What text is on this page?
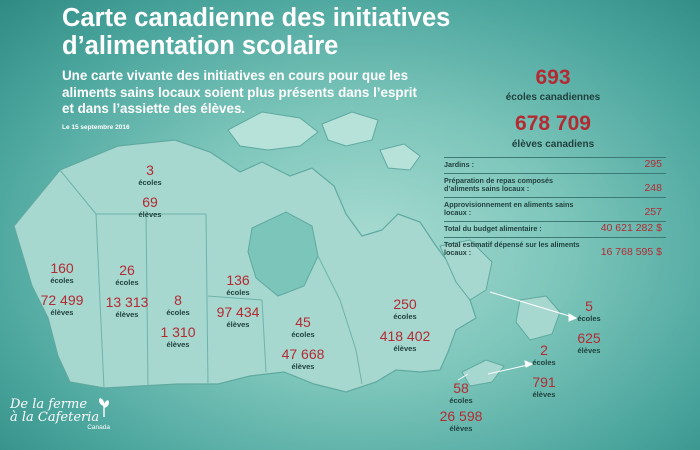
Carte canadienne des initiatives
d’alimentation scolaire
Une carte vivante des initiatives en cours pour que les aliments sains locaux soient plus présents dans l’esprit et dans l’assiette des élèves.
Le 15 septembre 2016
693
écoles canadiennes
678 709
élèves canadiens
Jardins :	295
Préparation de repas composés d’aliments sains locaux :	248
Approvisionnement en aliments sains locaux :	257
Total du budget alimentaire :	40 621 282 $
Total estimatif dépensé sur les aliments locaux :	16 768 595 $
3
écoles
69
élèves
160
écoles
72 499
élèves
26
écoles
13 313
élèves
8
écoles
1 310
élèves
136
écoles
97 434
élèves	45
écoles
47 668
élèves
250
écoles
418 402
élèves
5
écoles
625
élèves
2
écoles
791
élèves
58
écoles
26 598
élèves
De la ferme
à la Cafeteria
Canada
